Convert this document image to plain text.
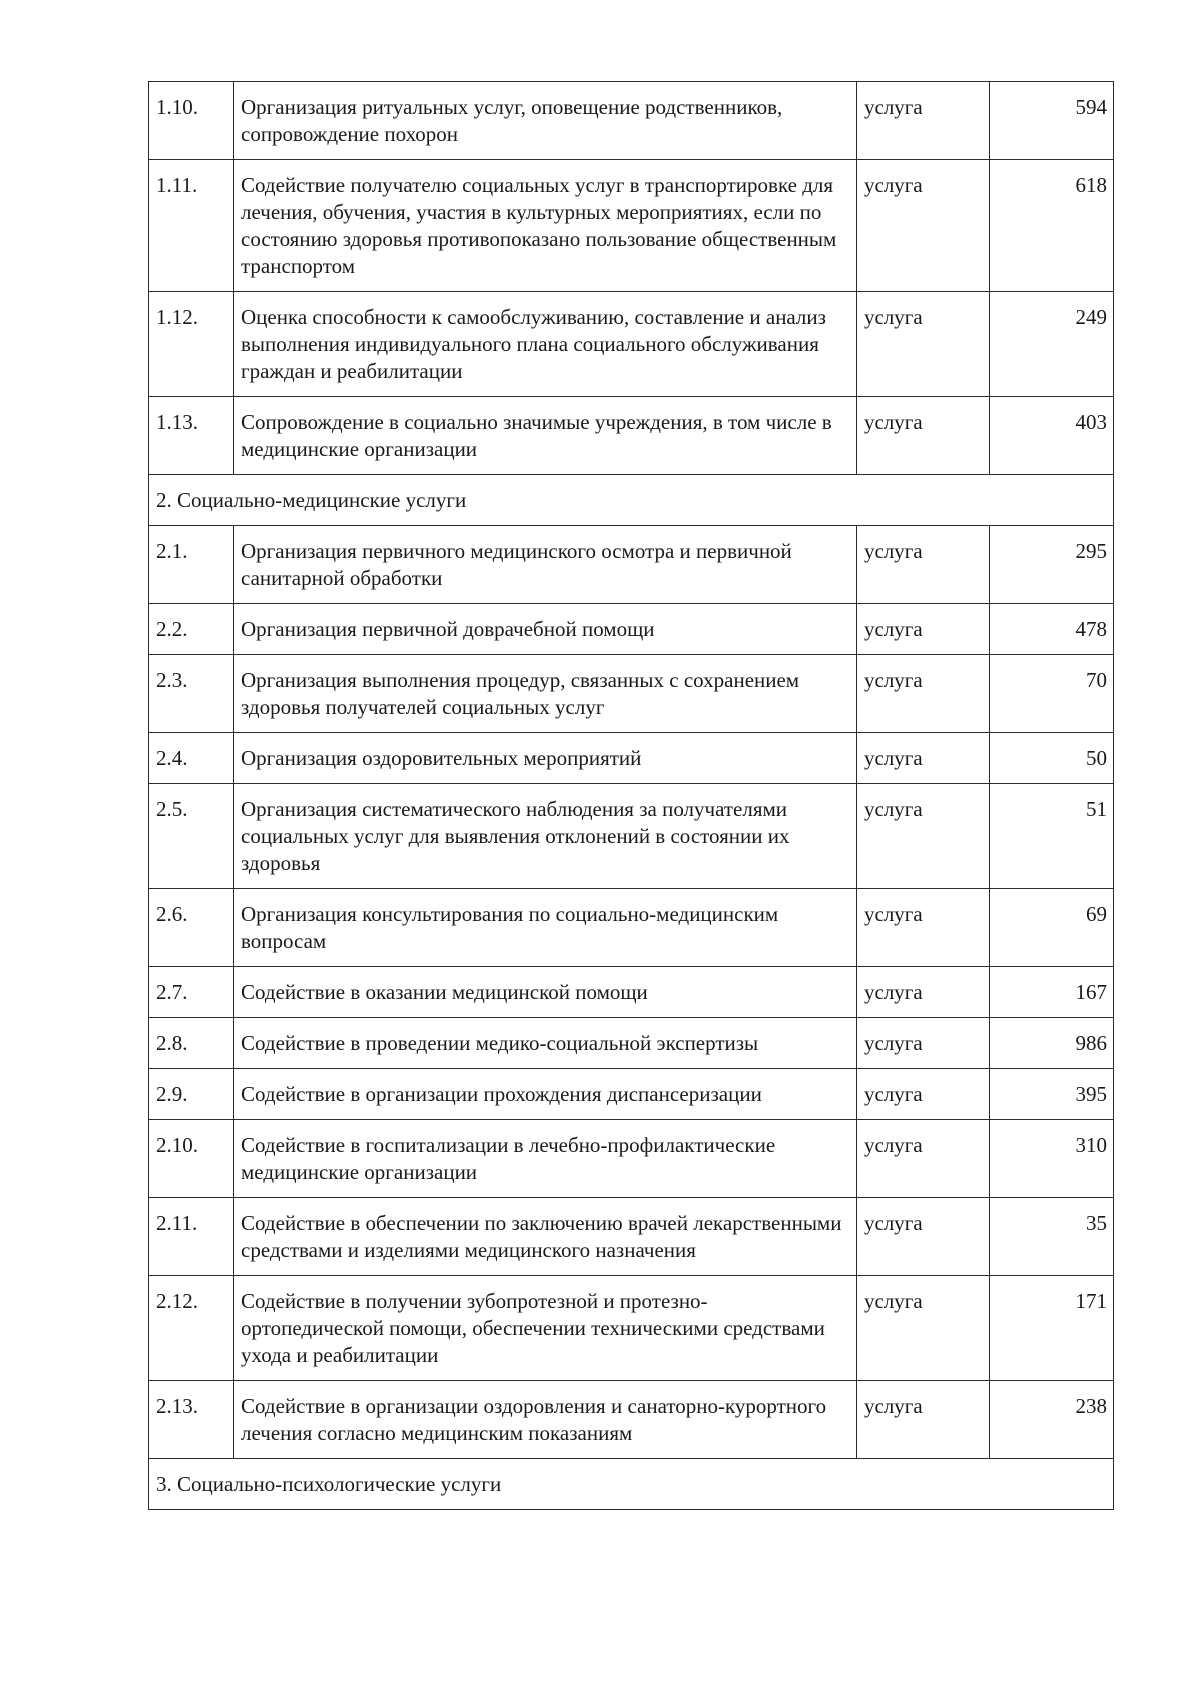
1.10.	Организация ритуальных услуг, оповещение родственников, сопровождение похорон	услуга	594
1.11.	Содействие получателю социальных услуг в транспортировке для лечения, обучения, участия в культурных мероприятиях, если по состоянию здоровья противопоказано пользование общественным транспортом	услуга	618
1.12.	Оценка способности к самообслуживанию, составление и анализ выполнения индивидуального плана социального обслуживания граждан и реабилитации	услуга	249
1.13.	Сопровождение в социально значимые учреждения, в том числе в медицинские организации	услуга	403
2. Социально-медицинские услуги			
2.1.	Организация первичного медицинского осмотра и первичной санитарной обработки	услуга	295
2.2.	Организация первичной доврачебной помощи	услуга	478
2.3.	Организация выполнения процедур, связанных с сохранением здоровья получателей социальных услуг	услуга	70
2.4.	Организация оздоровительных мероприятий	услуга	50
2.5.	Организация систематического наблюдения за получателями социальных услуг для выявления отклонений в состоянии их здоровья	услуга	51
2.6.	Организация консультирования по социально-медицинским вопросам	услуга	69
2.7.	Содействие в оказании медицинской помощи	услуга	167
2.8.	Содействие в проведении медико-социальной экспертизы	услуга	986
2.9.	Содействие в организации прохождения диспансеризации	услуга	395
2.10.	Содействие в госпитализации в лечебно-профилактические медицинские организации	услуга	310
2.11.	Содействие в обеспечении по заключению врачей лекарственными средствами и изделиями медицинского назначения	услуга	35
2.12.	Содействие в получении зубопротезной и протезно-ортопедической помощи, обеспечении техническими средствами ухода и реабилитации	услуга	171
2.13.	Содействие в организации оздоровления и санаторно-курортного лечения согласно медицинским показаниям	услуга	238
3. Социально-психологические услуги			
